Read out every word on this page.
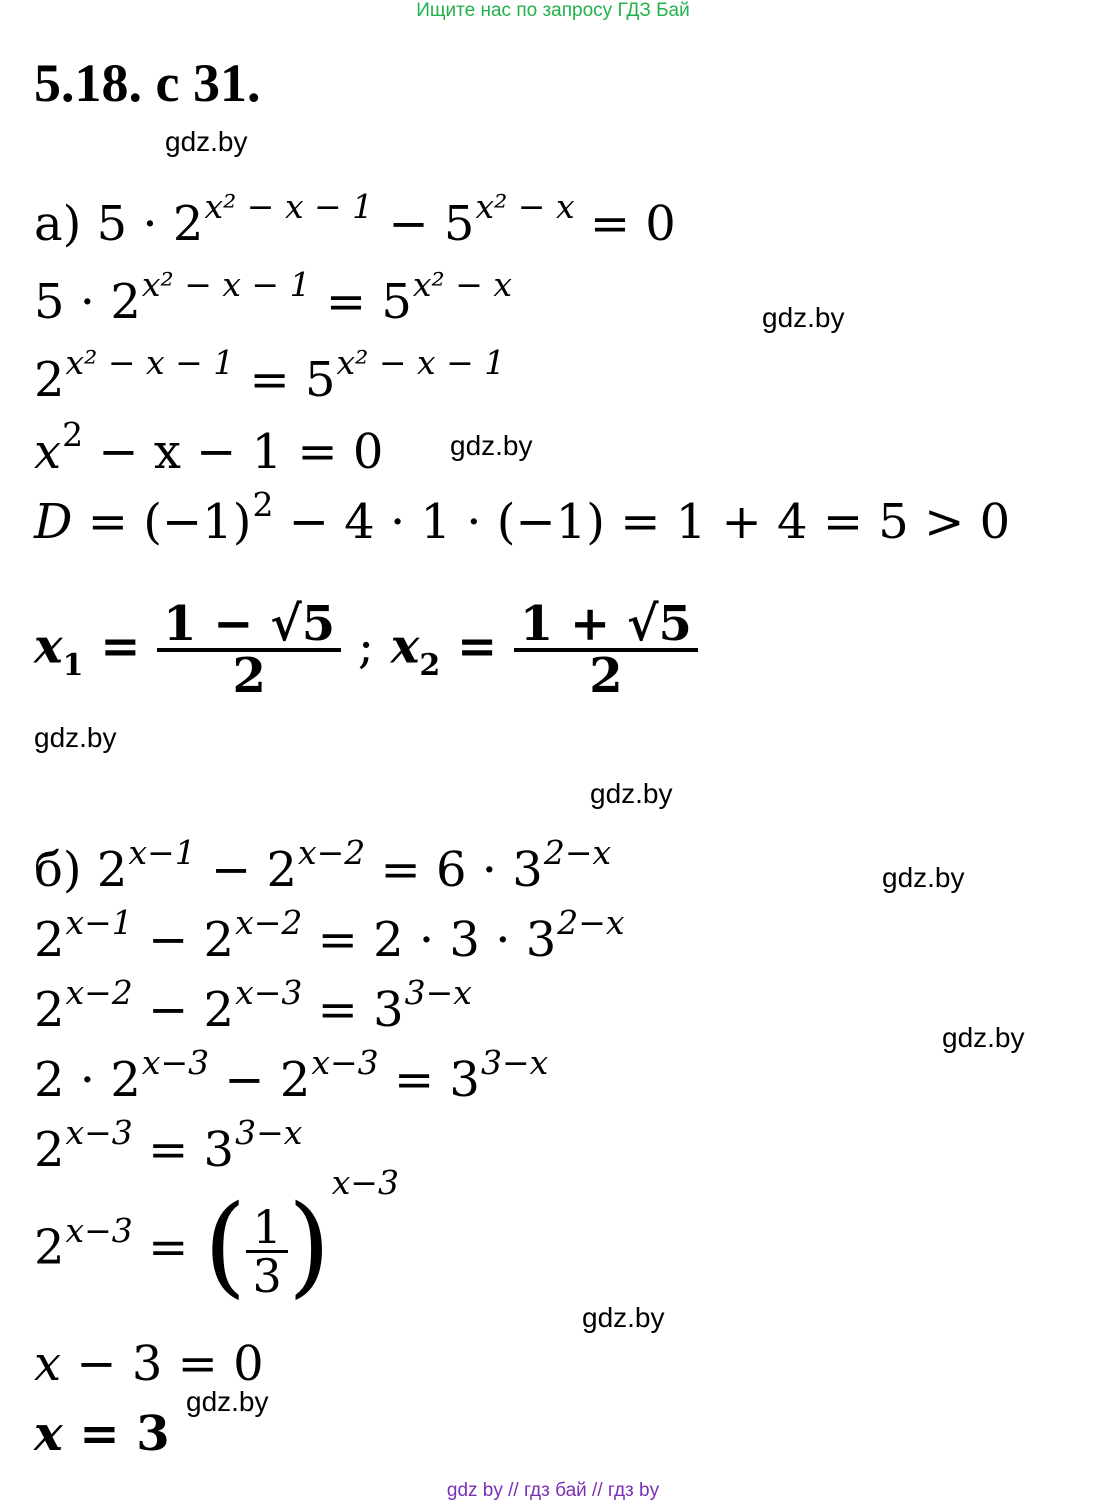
Ищите нас по запросу ГДЗ Бай
5.18. с 31.
gdz.by
gdz.by
gdz.by
gdz.by
gdz.by
gdz.by
gdz.by
gdz.by
gdz.by
а) $5 \cdot 2^{x^2 - x - 1} - 5^{x^2 - x} = 0$
$5 \cdot 2^{x^2 - x - 1} = 5^{x^2 - x}$
$2^{x^2 - x - 1} = 5^{x^2 - x - 1}$
$x^2 - x - 1 = 0$
$D = (-1)^2 - 4 \cdot 1 \cdot (-1) = 1 + 4 = 5 > 0$
$x_1 = \frac{1 - √5}{2}$ ; $x_2 = \frac{1 + √5}{2}$
б) $2^{x-1} - 2^{x-2} = 6 \cdot 3^{2-x}$
$2^{x-1} - 2^{x-2} = 2 \cdot 3 \cdot 3^{2-x}$
$2^{x-2} - 2^{x-3} = 3^{3-x}$
$2 \cdot 2^{x-3} - 2^{x-3} = 3^{3-x}$
$2^{x-3} = 3^{3-x}$
$2^{x-3}$ = ( $\frac{1}{3} )^{x-3}$
x − 3 = 0
x = 3
gdz by // гдз бай // гдз by
